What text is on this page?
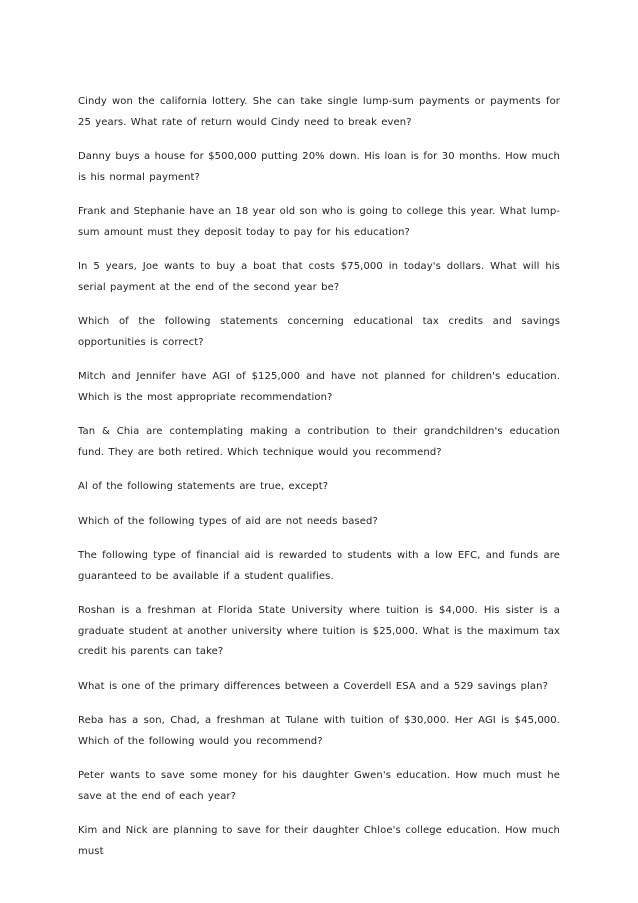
Cindy won the california lottery. She can take single lump-sum payments or payments for 25 years. What rate of return would Cindy need to break even?

Danny buys a house for $500,000 putting 20% down. His loan is for 30 months. How much is his normal payment?

Frank and Stephanie have an 18 year old son who is going to college this year. What lump-sum amount must they deposit today to pay for his education?

In 5 years, Joe wants to buy a boat that costs $75,000 in today's dollars. What will his serial payment at the end of the second year be?

Which of the following statements concerning educational tax credits and savings opportunities is correct?

Mitch and Jennifer have AGI of $125,000 and have not planned for children's education. Which is the most appropriate recommendation?

Tan & Chia are contemplating making a contribution to their grandchildren's education fund. They are both retired. Which technique would you recommend?

Al of the following statements are true, except?

Which of the following types of aid are not needs based?

The following type of financial aid is rewarded to students with a low EFC, and funds are guaranteed to be available if a student qualifies.

Roshan is a freshman at Florida State University where tuition is $4,000. His sister is a graduate student at another university where tuition is $25,000. What is the maximum tax credit his parents can take?

What is one of the primary differences between a Coverdell ESA and a 529 savings plan?

Reba has a son, Chad, a freshman at Tulane with tuition of $30,000. Her AGI is $45,000. Which of the following would you recommend?

Peter wants to save some money for his daughter Gwen's education. How much must he save at the end of each year?

Kim and Nick are planning to save for their daughter Chloe's college education. How much must
